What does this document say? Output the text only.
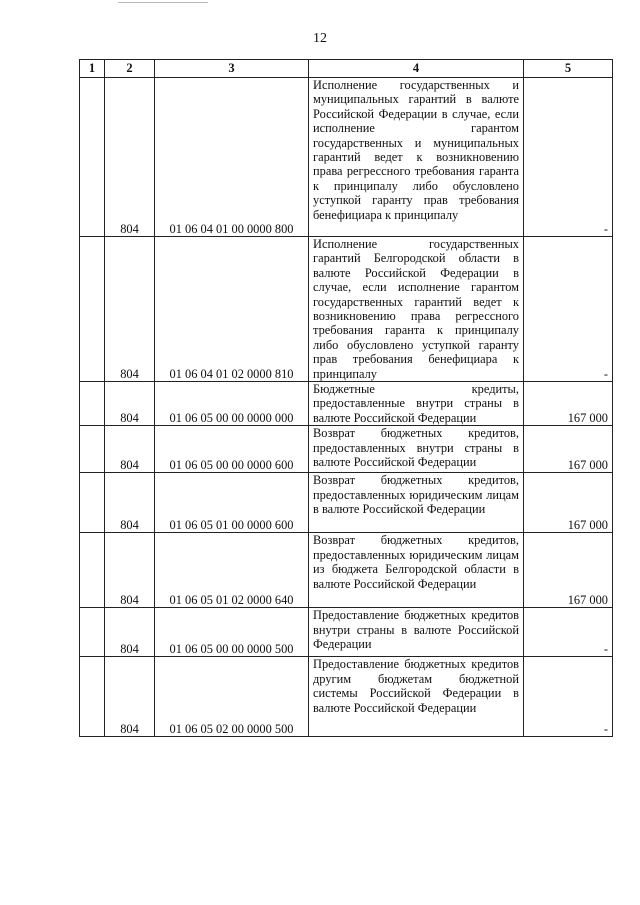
12
1	2	3	4	5
	804	01 06 04 01 00 0000 800	Исполнение государственных и муниципальных гарантий в валюте Российской Федерации в случае, если исполнение гарантом государственных и муниципальных гарантий ведет к возникновению права регрессного требования гаранта к принципалу либо обусловлено уступкой гаранту прав требования бенефициара к принципалу	-
	804	01 06 04 01 02 0000 810	Исполнение государственных гарантий Белгородской области в валюте Российской Федерации в случае, если исполнение гарантом государственных гарантий ведет к возникновению права регрессного требования гаранта к принципалу либо обусловлено уступкой гаранту прав требования бенефициара к принципалу	-
	804	01 06 05 00 00 0000 000	Бюджетные кредиты, предоставленные внутри страны в валюте Российской Федерации	167 000
	804	01 06 05 00 00 0000 600	Возврат бюджетных кредитов, предоставленных внутри страны в валюте Российской Федерации	167 000
	804	01 06 05 01 00 0000 600	Возврат бюджетных кредитов, предоставленных юридическим лицам в валюте Российской Федерации	167 000
	804	01 06 05 01 02 0000 640	Возврат бюджетных кредитов, предоставленных юридическим лицам из бюджета Белгородской области в валюте Российской Федерации	167 000
	804	01 06 05 00 00 0000 500	Предоставление бюджетных кредитов внутри страны в валюте Российской Федерации	-
	804	01 06 05 02 00 0000 500	Предоставление бюджетных кредитов другим бюджетам бюджетной системы Российской Федерации в валюте Российской Федерации	-
